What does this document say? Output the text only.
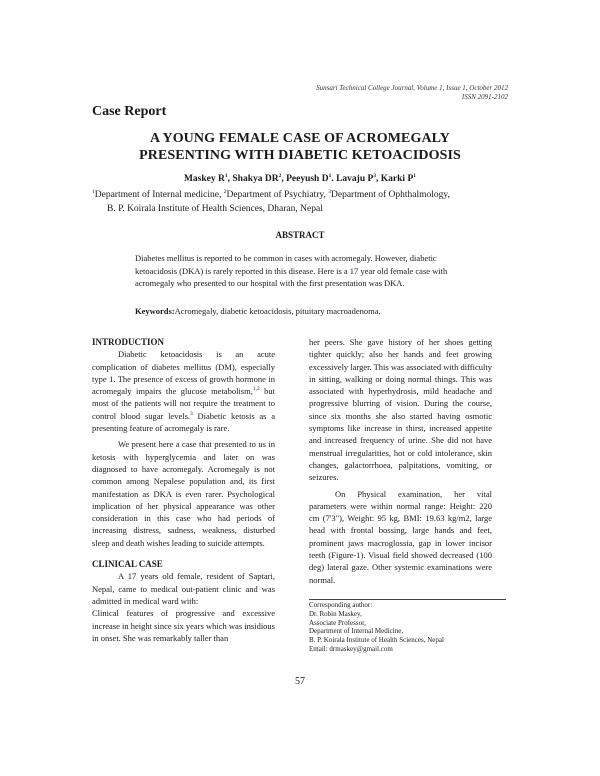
Sunsari Technical College Journal, Volume 1, Issue 1, October 2012
ISSN 2091-2102
Case Report
A YOUNG FEMALE CASE OF ACROMEGALY
PRESENTING WITH DIABETIC KETOACIDOSIS
Maskey $R^1$, Shakya $DR^2$, Peeyush $D^1$. Lavaju $P^3$, Karki $P^1$
$^1$Department of Internal medicine, $^2$Department of Psychiatry, $^3$Department of Ophthalmology,
B. P. Koirala Institute of Health Sciences, Dharan, Nepal
ABSTRACT
Diabetes mellitus is reported to be common in cases with acromegaly. However, diabetic ketoacidosis (DKA) is rarely reported in this disease. Here is a 17 year old female case with acromegaly who presented to our hospital with the first presentation was DKA.
Keywords:Acromegaly, diabetic ketoacidosis, pituitary macroadenoma.
INTRODUCTION

Diabetic ketoacidosis is an acute complication of diabetes mellitus (DM), especially type 1. The presence of excess of growth hormone in acromegaly impairs the glucose metabolism,$^{1,2}$ but most of the patients will not require the treatment to control blood sugar levels.$^3$ Diabetic ketosis as a presenting feature of acromegaly is rare.

We present here a case that presented to us in ketosis with hyperglycemia and later on was diagnosed to have acromegaly. Acromegaly is not common among Nepalese population and, its first manifestation as DKA is even rarer. Psychological implication of her physical appearance was other consideration in this case who had periods of increasing distress, sadness, weakness, disturbed sleep and death wishes leading to suicide attempts.

CLINICAL CASE

A 17 years old female, resident of Saptari, Nepal, came to medical out-patient clinic and was admitted in medical ward with:

Clinical features of progressive and excessive increase in height since six years which was insidious in onset. She was remarkably taller than

her peers. She gave history of her shoes getting tighter quickly; also her hands and feet growing excessively larger. This was associated with difficulty in sitting, walking or doing normal things. This was associated with hyperhydrosis, mild headache and progressive blurring of vision. During the course, since six months she also started having osmotic symptoms like increase in thirst, increased appetite and increased frequency of urine. She did not have menstrual irregularities, hot or cold intolerance, skin changes, galactorrhoea, palpitations, vomiting, or seizures.

On Physical examination, her vital parameters were within normal range: Height: 220 cm (7'3"), Weight: 95 kg, BMI: 19.63 kg/m2, large head with frontal bossing, large hands and feet, prominent jaws macroglossia, gap in lower incisor teeth (Figure-1). Visual field showed decreased (100 deg) lateral gaze. Other systemic examinations were normal.

Corresponding author:
Dr. Robin Maskey,
Associate Professor,
Department of Internal Medicine,
B. P. Koirala Institute of Health Sciences, Nepal
Email: drmaskey@gmail.com
57
